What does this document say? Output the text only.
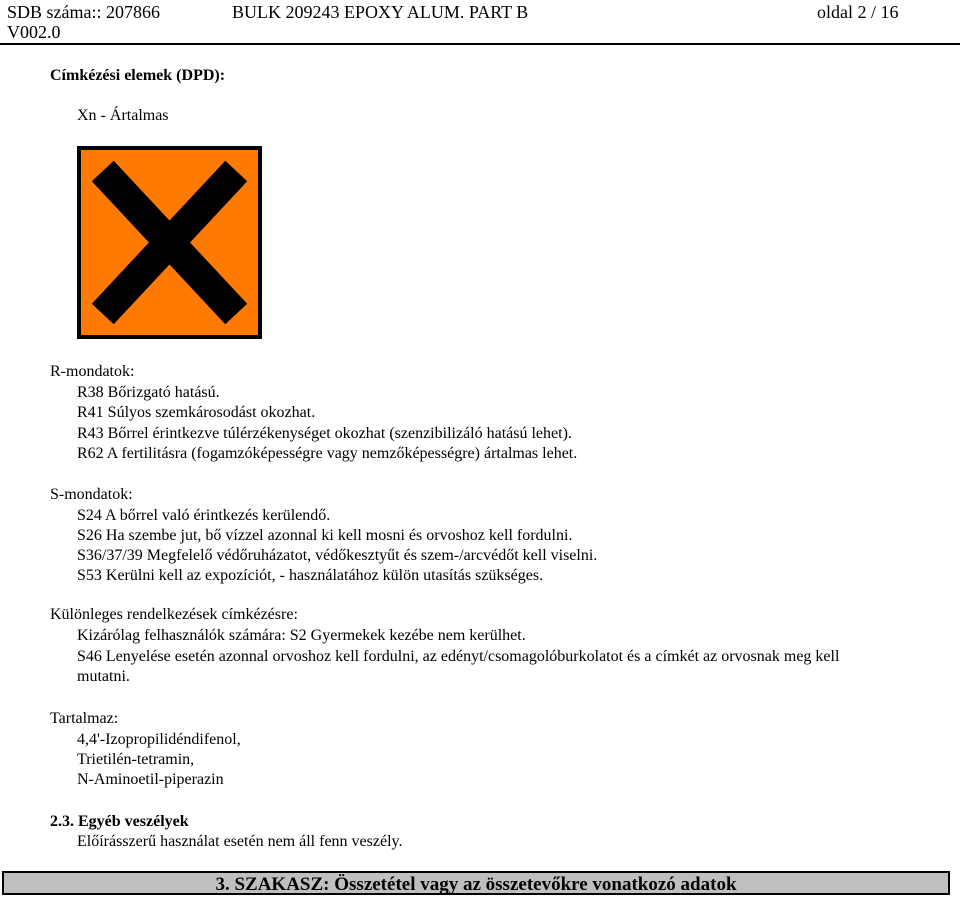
SDB száma:: 207866	BULK 209243 EPOXY ALUM. PART B	oldal 2 / 16
V002.0
Címkézési elemek (DPD):
Xn - Ártalmas
R-mondatok:
R38 Bőrizgató hatású.
R41 Súlyos szemkárosodást okozhat.
R43 Bőrrel érintkezve túlérzékenységet okozhat (szenzibilizáló hatású lehet).
R62 A fertilitásra (fogamzóképességre vagy nemzőképességre) ártalmas lehet.
S-mondatok:
S24 A bőrrel való érintkezés kerülendő.
S26 Ha szembe jut, bő vízzel azonnal ki kell mosni és orvoshoz kell fordulni.
S36/37/39 Megfelelő védőruházatot, védőkesztyűt és szem-/arcvédőt kell viselni.
S53 Kerülni kell az expozíciót, - használatához külön utasítás szükséges.
Különleges rendelkezések címkézésre:
Kizárólag felhasználók számára: S2 Gyermekek kezébe nem kerülhet.
S46 Lenyelése esetén azonnal orvoshoz kell fordulni, az edényt/csomagolóburkolatot és a címkét az orvosnak meg kell
mutatni.
Tartalmaz:
4,4'-Izopropilidéndifenol,
Trietilén-tetramin,
N-Aminoetil-piperazin
2.3. Egyéb veszélyek
Előírásszerű használat esetén nem áll fenn veszély.
3. SZAKASZ: Összetétel vagy az összetevőkre vonatkozó adatok
